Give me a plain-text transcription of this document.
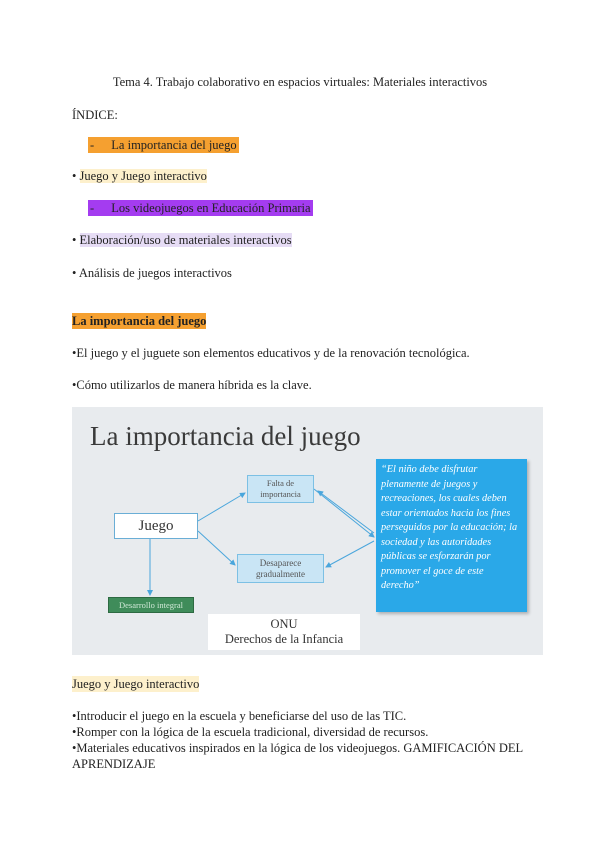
Tema 4. Trabajo colaborativo en espacios virtuales: Materiales interactivos
ÍNDICE:
- La importancia del juego
• Juego y Juego interactivo
- Los videojuegos en Educación Primaria
• Elaboración/uso de materiales interactivos
• Análisis de juegos interactivos
La importancia del juego
•El juego y el juguete son elementos educativos y de la renovación tecnológica.
•Cómo utilizarlos de manera híbrida es la clave.
La importancia del juego
Juego
Falta de
importancia
Desaparece
gradualmente
Desarrollo integral
ONU
Derechos de la Infancia
“El niño debe disfrutar plenamente de juegos y recreaciones, los cuales deben estar orientados hacia los fines perseguidos por la educación; la sociedad y las autoridades públicas se esforzarán por promover el goce de este derecho”
Juego y Juego interactivo
•Introducir el juego en la escuela y beneficiarse del uso de las TIC.
•Romper con la lógica de la escuela tradicional, diversidad de recursos.
•Materiales educativos inspirados en la lógica de los videojuegos. GAMIFICACIÓN DEL
APRENDIZAJE
